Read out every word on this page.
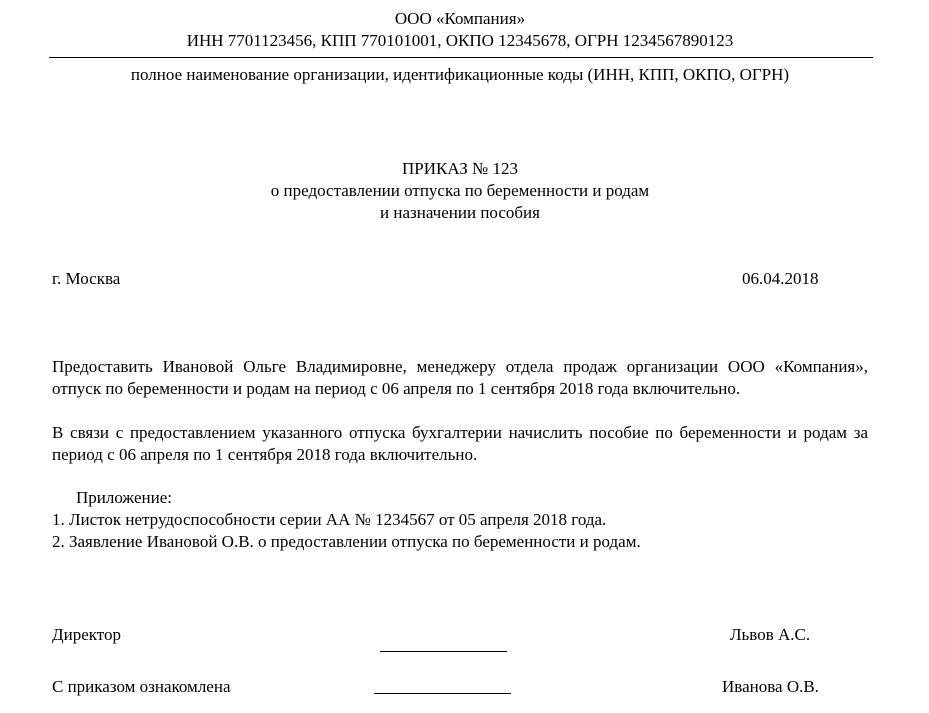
ООО «Компания»
ИНН 7701123456, КПП 770101001, ОКПО 12345678, ОГРН 1234567890123
полное наименование организации, идентификационные коды (ИНН, КПП, ОКПО, ОГРН)
ПРИКАЗ № 123
о предоставлении отпуска по беременности и родам
и назначении пособия
г. Москва	06.04.2018
Предоставить Ивановой Ольге Владимировне, менеджеру отдела продаж организации ООО «Компания», отпуск по беременности и родам на период с 06 апреля по 1 сентября 2018 года включительно.
В связи с предоставлением указанного отпуска бухгалтерии начислить пособие по беременности и родам за период с 06 апреля по 1 сентября 2018 года включительно.
Приложение:
1. Листок нетрудоспособности серии АА № 1234567 от 05 апреля 2018 года.
2. Заявление Ивановой О.В. о предоставлении отпуска по беременности и родам.
Директор	Львов А.С.
С приказом ознакомлена	Иванова О.В.
